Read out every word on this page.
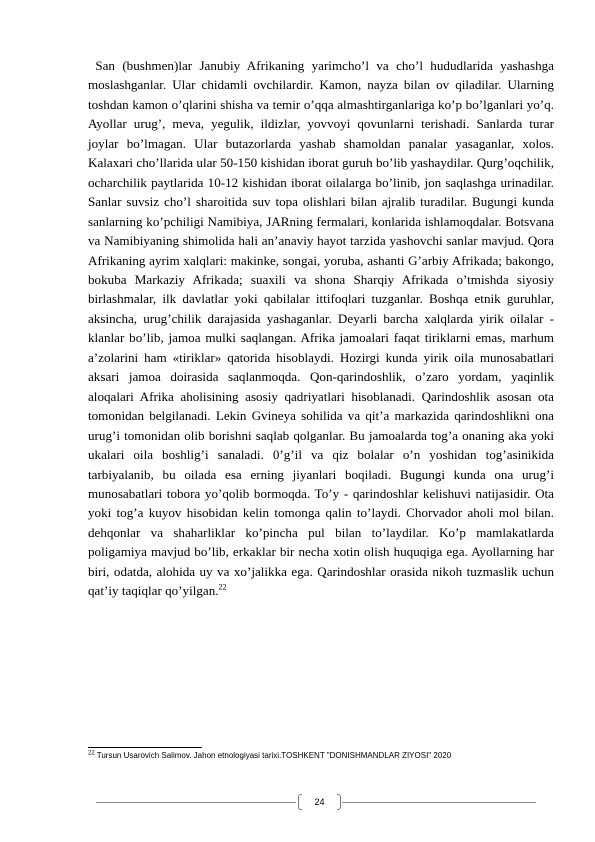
San (bushmen)lar Janubiy Afrikaning yarimcho’l va cho’l hududlarida yashashga moslashganlar. Ular chidamli ovchilardir. Kamon, nayza bilan ov qiladilar. Ularning toshdan kamon o’qlarini shisha va temir o’qqa almashtirganlariga ko’p bo’lganlari yo’q. Ayollar urug’, meva, yegulik, ildizlar, yovvoyi qovunlarni terishadi. Sanlarda turar joylar bo’lmagan. Ular butazorlarda yashab shamoldan panalar yasaganlar, xolos. Kalaxari cho’llarida ular 50-150 kishidan iborat guruh bo’lib yashaydilar. Qurg’oqchilik, ocharchilik paytlarida 10-12 kishidan iborat oilalarga bo’linib, jon saqlashga urinadilar. Sanlar suvsiz cho’l sharoitida suv topa olishlari bilan ajralib turadilar. Bugungi kunda sanlarning ko’pchiligi Namibiya, JARning fermalari, konlarida ishlamoqdalar. Botsvana va Namibiyaning shimolida hali an’anaviy hayot tarzida yashovchi sanlar mavjud. Qora Afrikaning ayrim xalqlari: makinke, songai, yoruba, ashanti G’arbiy Afrikada; bakongo, bokuba Markaziy Afrikada; suaxili va shona Sharqiy Afrikada o’tmishda siyosiy birlashmalar, ilk davlatlar yoki qabilalar ittifoqlari tuzganlar. Boshqa etnik guruhlar, aksincha, urug’chilik darajasida yashaganlar. Deyarli barcha xalqlarda yirik oilalar - klanlar bo’lib, jamoa mulki saqlangan. Afrika jamoalari faqat tiriklarni emas, marhum a’zolarini ham «tiriklar» qatorida hisoblaydi. Hozirgi kunda yirik oila munosabatlari aksari jamoa doirasida saqlanmoqda. Qon-qarindoshlik, o’zaro yordam, yaqinlik aloqalari Afrika aholisining asosiy qadriyatlari hisoblanadi. Qarindoshlik asosan ota tomonidan belgilanadi. Lekin Gvineya sohilida va qit’a markazida qarindoshlikni ona urug’i tomonidan olib borishni saqlab qolganlar. Bu jamoalarda tog’a onaning aka yoki ukalari oila boshlig’i sanaladi. 0’g’il va qiz bolalar o’n yoshidan tog’asinikida tarbiyalanib, bu oilada esa erning jiyanlari boqiladi. Bugungi kunda ona urug’i munosabatlari tobora yo’qolib bormoqda. To’y - qarindoshlar kelishuvi natijasidir. Ota yoki tog’a kuyov hisobidan kelin tomonga qalin to’laydi. Chorvador aholi mol bilan. dehqonlar va shaharliklar ko’pincha pul bilan to’laydilar. Ko’p mamlakatlarda poligamiya mavjud bo’lib, erkaklar bir necha xotin olish huquqiga ega. Ayollarning har biri, odatda, alohida uy va xo’jalikka ega. Qarindoshlar orasida nikoh tuzmaslik uchun qat’iy taqiqlar qo’yilgan.$^{22}$

$^{22}$ Tursun Usarovich Salimov. Jahon etnologiyasi tarixi.TOSHKENT "DONISHMANDLAR ZIYOSI" 2020
24
